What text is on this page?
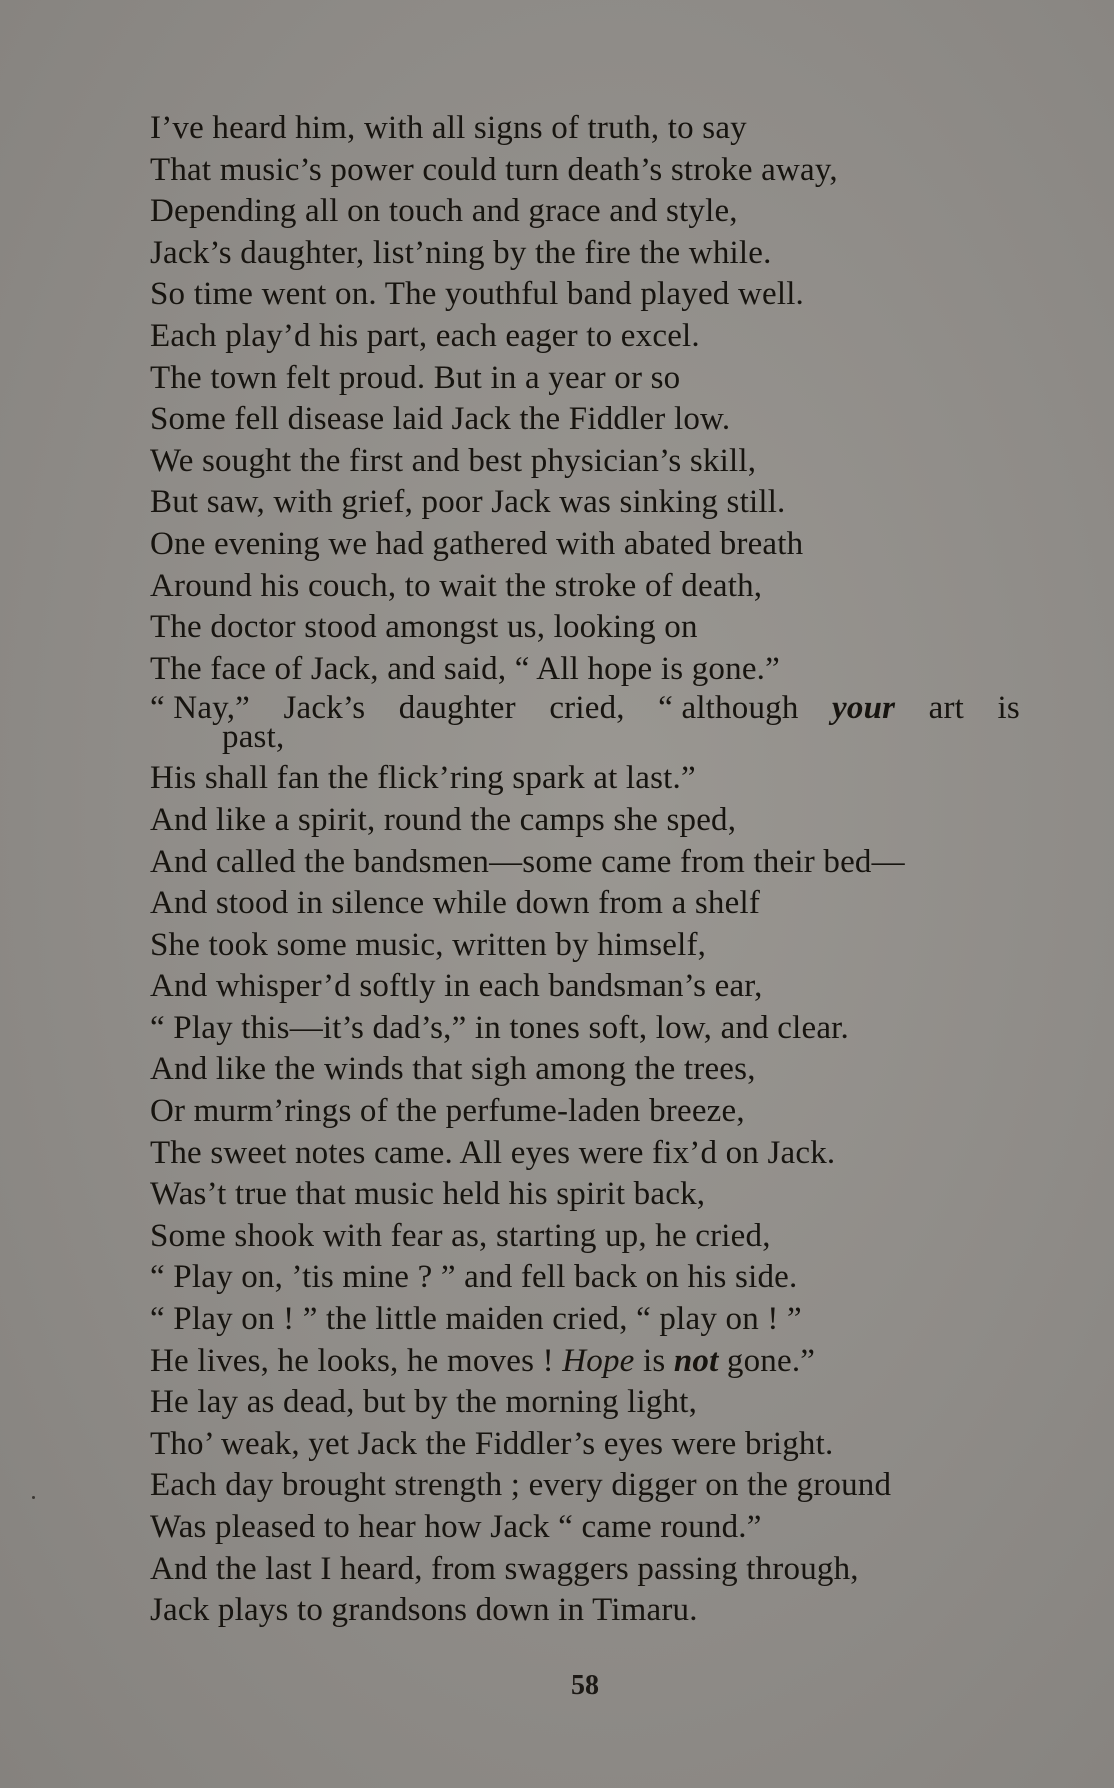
I’ve heard him, with all signs of truth, to say
That music’s power could turn death’s stroke away,
Depending all on touch and grace and style,
Jack’s daughter, list’ning by the fire the while.
So time went on. The youthful band played well.
Each play’d his part, each eager to excel.
The town felt proud. But in a year or so
Some fell disease laid Jack the Fiddler low.
We sought the first and best physician’s skill,
But saw, with grief, poor Jack was sinking still.
One evening we had gathered with abated breath
Around his couch, to wait the stroke of death,
The doctor stood amongst us, looking on
The face of Jack, and said, “ All hope is gone.”
“ Nay,” Jack’s daughter cried, “ although your art is
past,
His shall fan the flick’ring spark at last.”
And like a spirit, round the camps she sped,
And called the bandsmen—some came from their bed—
And stood in silence while down from a shelf
She took some music, written by himself,
And whisper’d softly in each bandsman’s ear,
“ Play this—it’s dad’s,” in tones soft, low, and clear.
And like the winds that sigh among the trees,
Or murm’rings of the perfume-laden breeze,
The sweet notes came. All eyes were fix’d on Jack.
Was’t true that music held his spirit back,
Some shook with fear as, starting up, he cried,
“ Play on, ’tis mine ? ” and fell back on his side.
“ Play on ! ” the little maiden cried, “ play on ! ”
He lives, he looks, he moves ! Hope is not gone.”
He lay as dead, but by the morning light,
Tho’ weak, yet Jack the Fiddler’s eyes were bright.
Each day brought strength ; every digger on the ground
Was pleased to hear how Jack “ came round.”
And the last I heard, from swaggers passing through,
Jack plays to grandsons down in Timaru.
58
